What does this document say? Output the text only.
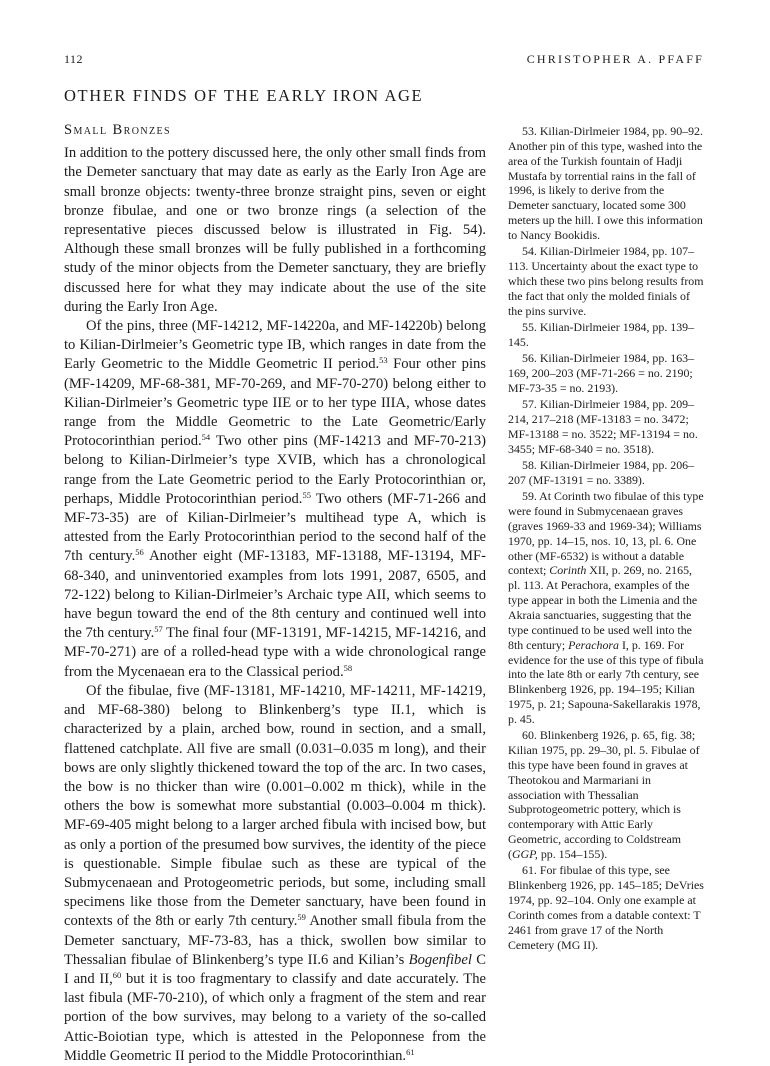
112	CHRISTOPHER A. PFAFF
OTHER FINDS OF THE EARLY IRON AGE
Small Bronzes

In addition to the pottery discussed here, the only other small finds from the Demeter sanctuary that may date as early as the Early Iron Age are small bronze objects: twenty-three bronze straight pins, seven or eight bronze fibulae, and one or two bronze rings (a selection of the representative pieces discussed below is illustrated in Fig. 54). Although these small bronzes will be fully published in a forthcoming study of the minor objects from the Demeter sanctuary, they are briefly discussed here for what they may indicate about the use of the site during the Early Iron Age.

Of the pins, three (MF-14212, MF-14220a, and MF-14220b) belong to Kilian-Dirlmeier’s Geometric type IB, which ranges in date from the Early Geometric to the Middle Geometric II period.$^{53}$ Four other pins (MF-14209, MF-68-381, MF-70-269, and MF-70-270) belong either to Kilian-Dirlmeier’s Geometric type IIE or to her type IIIA, whose dates range from the Middle Geometric to the Late Geometric/Early Protocorinthian period.$^{54}$ Two other pins (MF-14213 and MF-70-213) belong to Kilian-Dirlmeier’s type XVIB, which has a chronological range from the Late Geometric period to the Early Protocorinthian or, perhaps, Middle Protocorinthian period.$^{55}$ Two others (MF-71-266 and MF-73-35) are of Kilian-Dirlmeier’s multihead type A, which is attested from the Early Protocorinthian period to the second half of the 7th century.$^{56}$ Another eight (MF-13183, MF-13188, MF-13194, MF-68-340, and uninventoried examples from lots 1991, 2087, 6505, and 72-122) belong to Kilian-Dirlmeier’s Archaic type AII, which seems to have begun toward the end of the 8th century and continued well into the 7th century.$^{57}$ The final four (MF-13191, MF-14215, MF-14216, and MF-70-271) are of a rolled-head type with a wide chronological range from the Mycenaean era to the Classical period.$^{58}$

Of the fibulae, five (MF-13181, MF-14210, MF-14211, MF-14219, and MF-68-380) belong to Blinkenberg’s type II.1, which is characterized by a plain, arched bow, round in section, and a small, flattened catchplate. All five are small (0.031–0.035 m long), and their bows are only slightly thickened toward the top of the arc. In two cases, the bow is no thicker than wire (0.001–0.002 m thick), while in the others the bow is somewhat more substantial (0.003–0.004 m thick). MF-69-405 might belong to a larger arched fibula with incised bow, but as only a portion of the presumed bow survives, the identity of the piece is questionable. Simple fibulae such as these are typical of the Submycenaean and Protogeometric periods, but some, including small specimens like those from the Demeter sanctuary, have been found in contexts of the 8th or early 7th century.$^{59}$ Another small fibula from the Demeter sanctuary, MF-73-83, has a thick, swollen bow similar to Thessalian fibulae of Blinkenberg’s type II.6 and Kilian’s Bogenfibel C I and II,$^{60}$ but it is too fragmentary to classify and date accurately. The last fibula (MF-70-210), of which only a fragment of the stem and rear portion of the bow survives, may belong to a variety of the so-called Attic-Boiotian type, which is attested in the Peloponnese from the Middle Geometric II period to the Middle Protocorinthian.$^{61}$

53. Kilian-Dirlmeier 1984, pp. 90–92. Another pin of this type, washed into the area of the Turkish fountain of Hadji Mustafa by torrential rains in the fall of 1996, is likely to derive from the Demeter sanctuary, located some 300 meters up the hill. I owe this information to Nancy Bookidis.

54. Kilian-Dirlmeier 1984, pp. 107–113. Uncertainty about the exact type to which these two pins belong results from the fact that only the molded finials of the pins survive.

55. Kilian-Dirlmeier 1984, pp. 139–145.

56. Kilian-Dirlmeier 1984, pp. 163–169, 200–203 (MF-71-266 = no. 2190; MF-73-35 = no. 2193).

57. Kilian-Dirlmeier 1984, pp. 209–214, 217–218 (MF-13183 = no. 3472; MF-13188 = no. 3522; MF-13194 = no. 3455; MF-68-340 = no. 3518).

58. Kilian-Dirlmeier 1984, pp. 206–207 (MF-13191 = no. 3389).

59. At Corinth two fibulae of this type were found in Submycenaean graves (graves 1969-33 and 1969-34); Williams 1970, pp. 14–15, nos. 10, 13, pl. 6. One other (MF-6532) is without a datable context; Corinth XII, p. 269, no. 2165, pl. 113. At Perachora, examples of the type appear in both the Limenia and the Akraia sanctuaries, suggesting that the type continued to be used well into the 8th century; Perachora I, p. 169. For evidence for the use of this type of fibula into the late 8th or early 7th century, see Blinkenberg 1926, pp. 194–195; Kilian 1975, p. 21; Sapouna-Sakellarakis 1978, p. 45.

60. Blinkenberg 1926, p. 65, fig. 38; Kilian 1975, pp. 29–30, pl. 5. Fibulae of this type have been found in graves at Theotokou and Marmariani in association with Thessalian Subprotogeometric pottery, which is contemporary with Attic Early Geometric, according to Coldstream (GGP, pp. 154–155).

61. For fibulae of this type, see Blinkenberg 1926, pp. 145–185; DeVries 1974, pp. 92–104. Only one example at Corinth comes from a datable context: T 2461 from grave 17 of the North Cemetery (MG II).
